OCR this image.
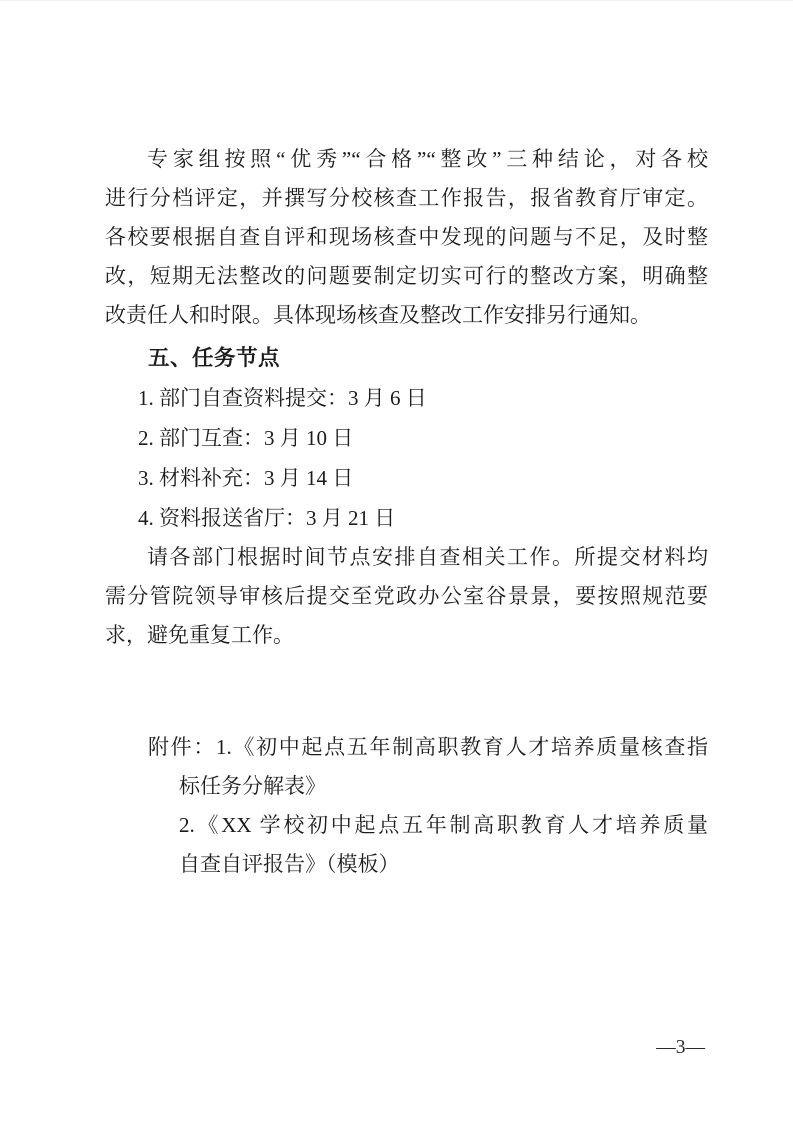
专家组按照“优秀”“合格”“整改”三种结论，对各校
进行分档评定，并撰写分校核查工作报告，报省教育厅审定。
各校要根据自查自评和现场核查中发现的问题与不足，及时整
改，短期无法整改的问题要制定切实可行的整改方案，明确整
改责任人和时限。具体现场核查及整改工作安排另行通知。
五、任务节点
1. 部门自查资料提交：3 月 6 日
2. 部门互查：3 月 10 日
3. 材料补充：3 月 14 日
4. 资料报送省厅：3 月 21 日
请各部门根据时间节点安排自查相关工作。所提交材料均
需分管院领导审核后提交至党政办公室谷景景，要按照规范要
求，避免重复工作。
附件：1.《初中起点五年制高职教育人才培养质量核查指
标任务分解表》
2.《XX 学校初中起点五年制高职教育人才培养质量
自查自评报告》（模板）
—3—
